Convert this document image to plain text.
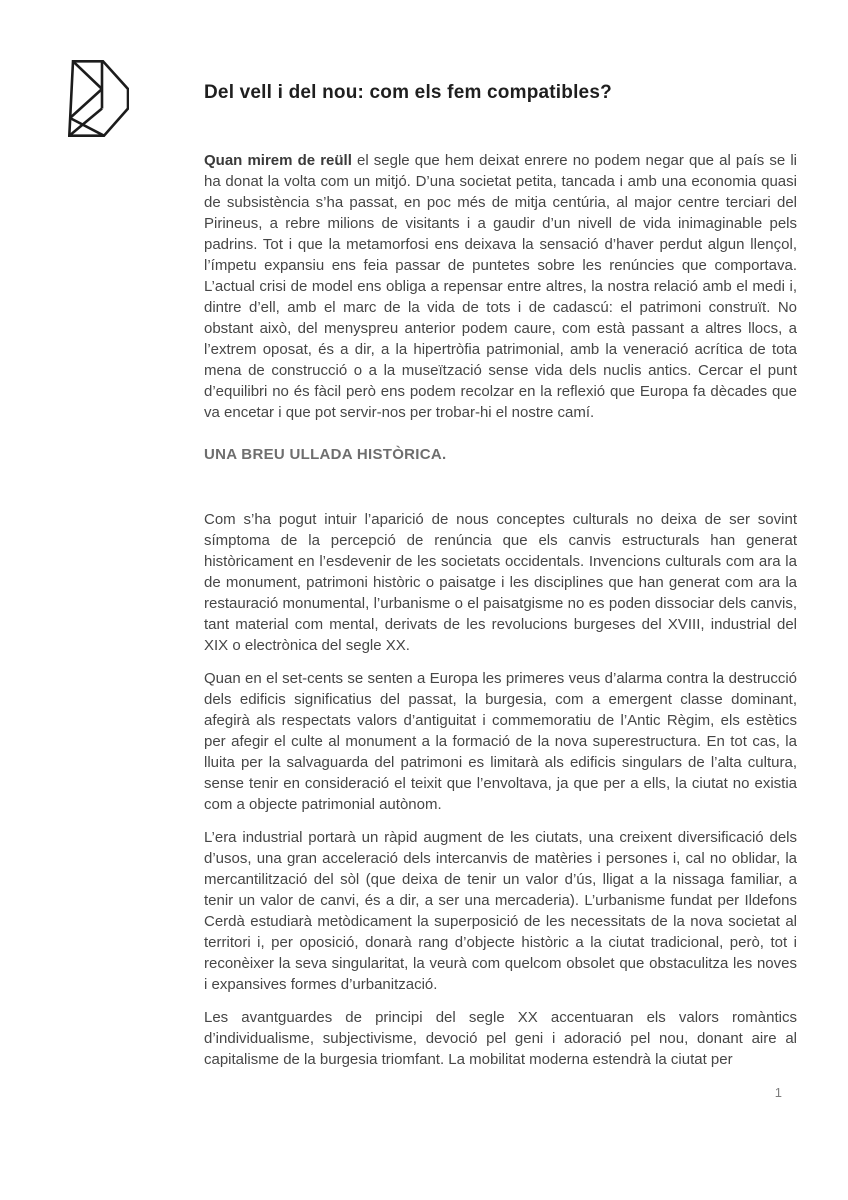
Del vell i del nou: com els fem compatibles?

Quan mirem de reüll el segle que hem deixat enrere no podem negar que al país se li ha donat la volta com un mitjó. D’una societat petita, tancada i amb una economia quasi de subsistència s’ha passat, en poc més de mitja centúria, al major centre terciari del Pirineus, a rebre milions de visitants i a gaudir d’un nivell de vida inimaginable pels padrins. Tot i que la metamorfosi ens deixava la sensació d’haver perdut algun llençol, l’ímpetu expansiu ens feia passar de puntetes sobre les renúncies que comportava. L’actual crisi de model ens obliga a repensar entre altres, la nostra relació amb el medi i, dintre d’ell, amb el marc de la vida de tots i de cadascú: el patrimoni construït. No obstant això, del menyspreu anterior podem caure, com està passant a altres llocs, a l’extrem oposat, és a dir, a la hipertròfia patrimonial, amb la veneració acrítica de tota mena de construcció o a la museïtzació sense vida dels nuclis antics. Cercar el punt d’equilibri no és fàcil però ens podem recolzar en la reflexió que Europa fa dècades que va encetar i que pot servir-nos per trobar-hi el nostre camí.

UNA BREU ULLADA HISTÒRICA.

Com s’ha pogut intuir l’aparició de nous conceptes culturals no deixa de ser sovint símptoma de la percepció de renúncia que els canvis estructurals han generat històricament en l’esdevenir de les societats occidentals. Invencions culturals com ara la de monument, patrimoni històric o paisatge i les disciplines que han generat com ara la restauració monumental, l’urbanisme o el paisatgisme no es poden dissociar dels canvis, tant material com mental, derivats de les revolucions burgeses del XVIII, industrial del XIX o electrònica del segle XX.

Quan en el set-cents se senten a Europa les primeres veus d’alarma contra la destrucció dels edificis significatius del passat, la burgesia, com a emergent classe dominant, afegirà als respectats valors d’antiguitat i commemoratiu de l’Antic Règim, els estètics per afegir el culte al monument a la formació de la nova superestructura. En tot cas, la lluita per la salvaguarda del patrimoni es limitarà als edificis singulars de l’alta cultura, sense tenir en consideració el teixit que l’envoltava, ja que per a ells, la ciutat no existia com a objecte patrimonial autònom.

L’era industrial portarà un ràpid augment de les ciutats, una creixent diversificació dels d’usos, una gran acceleració dels intercanvis de matèries i persones i, cal no oblidar, la mercantilització del sòl (que deixa de tenir un valor d’ús, lligat a la nissaga familiar, a tenir un valor de canvi, és a dir, a ser una mercaderia). L’urbanisme fundat per Ildefons Cerdà estudiarà metòdicament la superposició de les necessitats de la nova societat al territori i, per oposició, donarà rang d’objecte històric a la ciutat tradicional, però, tot i reconèixer la seva singularitat, la veurà com quelcom obsolet que obstaculitza les noves i expansives formes d’urbanització.

Les avantguardes de principi del segle XX accentuaran els valors romàntics d’individualisme, subjectivisme, devoció pel geni i adoració pel nou, donant aire al capitalisme de la burgesia triomfant. La mobilitat moderna estendrà la ciutat per

1
